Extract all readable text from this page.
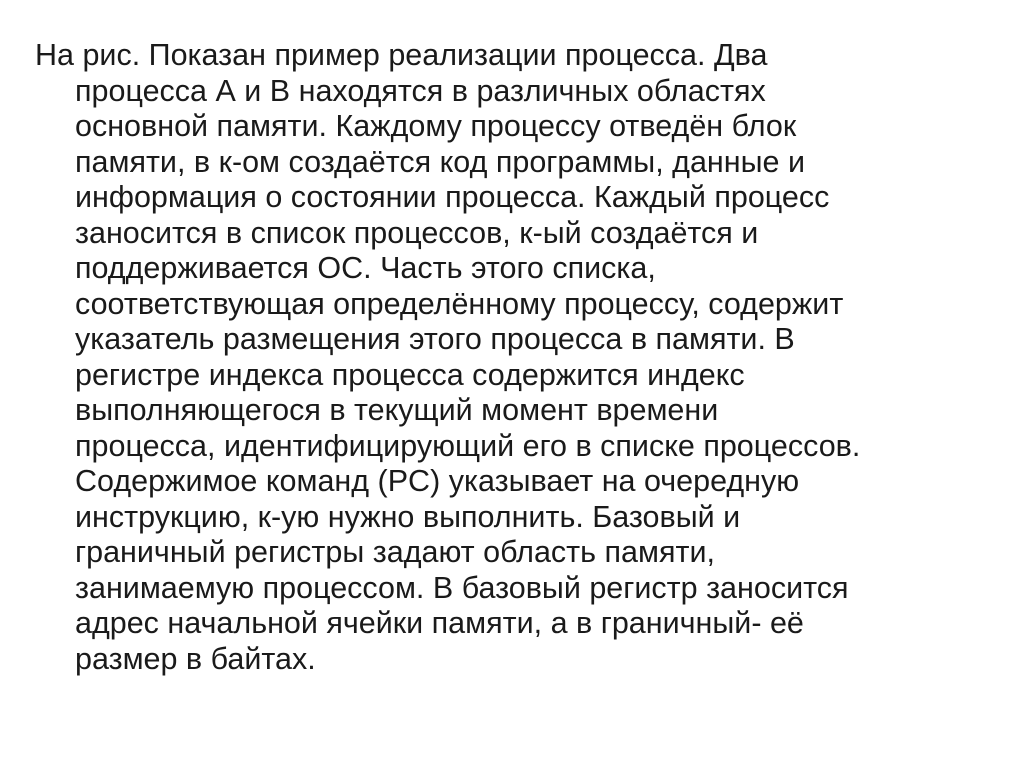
На рис. Показан пример реализации процесса. Два
процесса А и В находятся в различных областях
основной памяти. Каждому процессу отведён блок
памяти, в к-ом создаётся код программы, данные и
информация о состоянии процесса. Каждый процесс
заносится в список процессов, к-ый создаётся и
поддерживается ОС. Часть этого списка,
соответствующая определённому процессу, содержит
указатель размещения этого процесса в памяти. В
регистре индекса процесса содержится индекс
выполняющегося в текущий момент времени
процесса, идентифицирующий его в списке процессов.
Содержимое команд (PC) указывает на очередную
инструкцию, к-ую нужно выполнить. Базовый и
граничный регистры задают область памяти,
занимаемую процессом. В базовый регистр заносится
адрес начальной ячейки памяти, а в граничный- её
размер в байтах.
